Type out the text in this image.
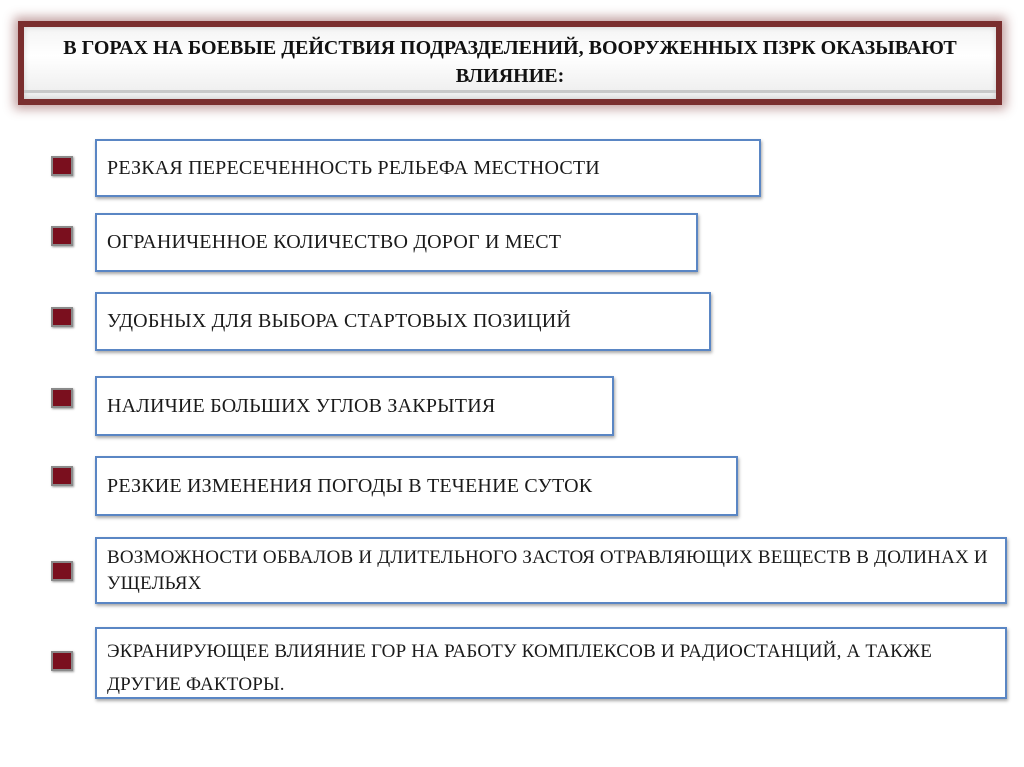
В ГОРАХ НА БОЕВЫЕ ДЕЙСТВИЯ ПОДРАЗДЕЛЕНИЙ, ВООРУЖЕННЫХ ПЗРК ОКАЗЫВАЮТ ВЛИЯНИЕ:
РЕЗКАЯ ПЕРЕСЕЧЕННОСТЬ РЕЛЬЕФА МЕСТНОСТИ
ОГРАНИЧЕННОЕ КОЛИЧЕСТВО ДОРОГ И МЕСТ
УДОБНЫХ ДЛЯ ВЫБОРА СТАРТОВЫХ ПОЗИЦИЙ
НАЛИЧИЕ БОЛЬШИХ УГЛОВ ЗАКРЫТИЯ
РЕЗКИЕ ИЗМЕНЕНИЯ ПОГОДЫ В ТЕЧЕНИЕ СУТОК
ВОЗМОЖНОСТИ ОБВАЛОВ И ДЛИТЕЛЬНОГО ЗАСТОЯ ОТРАВЛЯЮЩИХ ВЕЩЕСТВ В ДОЛИНАХ И УЩЕЛЬЯХ
ЭКРАНИРУЮЩЕЕ ВЛИЯНИЕ ГОР НА РАБОТУ КОМПЛЕКСОВ И РАДИОСТАНЦИЙ, А ТАКЖЕ ДРУГИЕ ФАКТОРЫ.
